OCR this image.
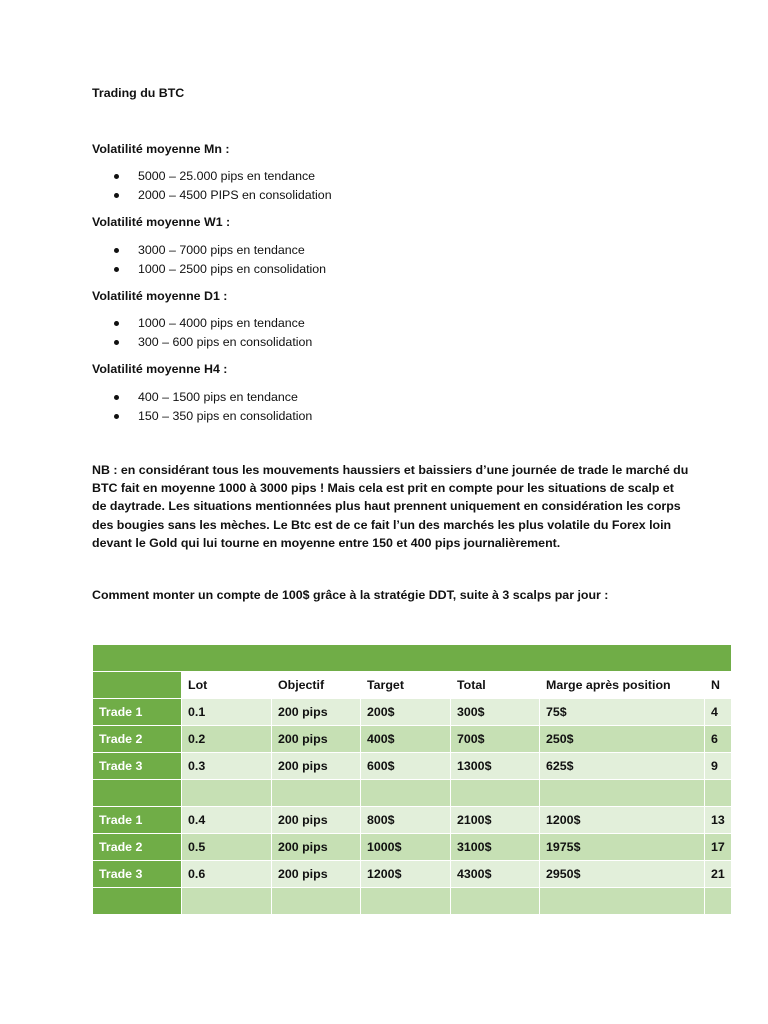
Trading du BTC
Volatilité moyenne Mn :
5000 – 25.000 pips en tendance
2000 – 4500 PIPS en consolidation
Volatilité moyenne W1 :
3000 – 7000 pips en tendance
1000 – 2500 pips en consolidation
Volatilité moyenne D1 :
1000 – 4000 pips en tendance
300 – 600 pips en consolidation
Volatilité moyenne H4 :
400 – 1500 pips en tendance
150 – 350 pips en consolidation
NB : en considérant tous les mouvements haussiers et baissiers d’une journée de trade le marché du
BTC fait en moyenne 1000 à 3000 pips ! Mais cela est prit en compte pour les situations de scalp et
de daytrade. Les situations mentionnées plus haut prennent uniquement en considération les corps
des bougies sans les mèches. Le Btc est de ce fait l’un des marchés les plus volatile du Forex loin
devant le Gold qui lui tourne en moyenne entre 150 et 400 pips journalièrement.
Comment monter un compte de 100$ grâce à la stratégie DDT, suite à 3 scalps par jour :

	Lot	Objectif	Target	Total	Marge après position	N
Trade 1	0.1	200 pips	200$	300$	75$	4
Trade 2	0.2	200 pips	400$	700$	250$	6
Trade 3	0.3	200 pips	600$	1300$	625$	9

Trade 1	0.4	200 pips	800$	2100$	1200$	13
Trade 2	0.5	200 pips	1000$	3100$	1975$	17
Trade 3	0.6	200 pips	1200$	4300$	2950$	21
